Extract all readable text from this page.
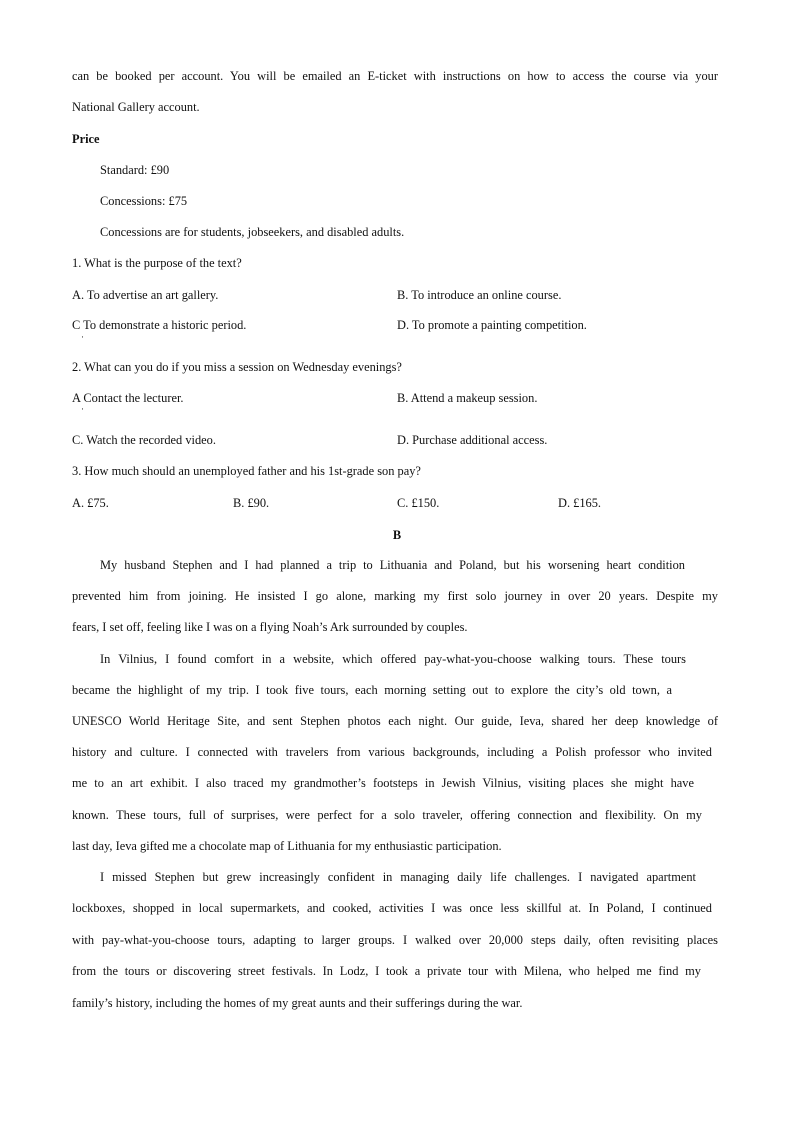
can be booked per account. You will be emailed an E-ticket with instructions on how to access the course via your
National Gallery account.
Price
Standard: £90
Concessions: £75
Concessions are for students, jobseekers, and disabled adults.
1. What is the purpose of the text?
A. To advertise an art gallery.	B. To introduce an online course.
C To demonstrate a historic period.
·
D. To promote a painting competition.
2. What can you do if you miss a session on Wednesday evenings?
A Contact the lecturer.
·
B. Attend a makeup session.
C. Watch the recorded video.	D. Purchase additional access.
3. How much should an unemployed father and his 1st-grade son pay?
A. £75.	B. £90.	C. £150.	D. £165.
B
My husband Stephen and I had planned a trip to Lithuania and Poland, but his worsening heart condition
prevented him from joining. He insisted I go alone, marking my first solo journey in over 20 years. Despite my
fears, I set off, feeling like I was on a flying Noah’s Ark surrounded by couples.
In Vilnius, I found comfort in a website, which offered pay-what-you-choose walking tours. These tours
became the highlight of my trip. I took five tours, each morning setting out to explore the city’s old town, a
UNESCO World Heritage Site, and sent Stephen photos each night. Our guide, Ieva, shared her deep knowledge of
history and culture. I connected with travelers from various backgrounds, including a Polish professor who invited
me to an art exhibit. I also traced my grandmother’s footsteps in Jewish Vilnius, visiting places she might have
known. These tours, full of surprises, were perfect for a solo traveler, offering connection and flexibility. On my
last day, Ieva gifted me a chocolate map of Lithuania for my enthusiastic participation.
I missed Stephen but grew increasingly confident in managing daily life challenges. I navigated apartment
lockboxes, shopped in local supermarkets, and cooked, activities I was once less skillful at. In Poland, I continued
with pay-what-you-choose tours, adapting to larger groups. I walked over 20,000 steps daily, often revisiting places
from the tours or discovering street festivals. In Lodz, I took a private tour with Milena, who helped me find my
family’s history, including the homes of my great aunts and their sufferings during the war.
